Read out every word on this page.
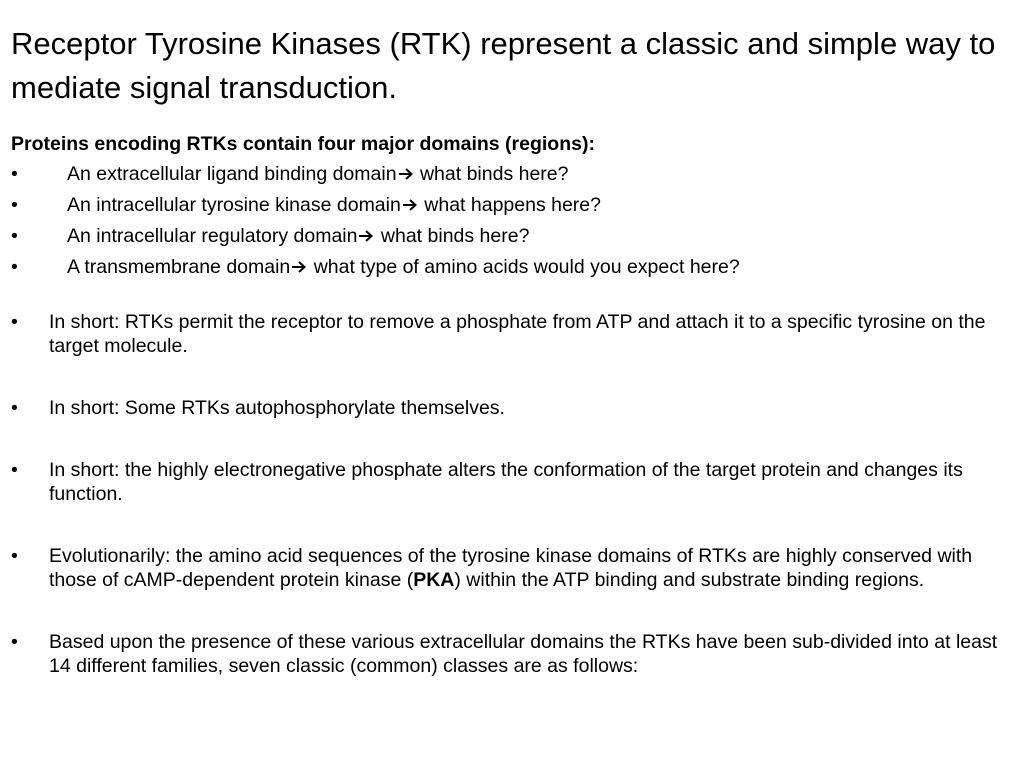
Receptor Tyrosine Kinases (RTK) represent a classic and simple way to mediate signal transduction.

Proteins encoding RTKs contain four major domains (regions):

• An extracellular ligand binding domain what binds here?
• An intracellular tyrosine kinase domain what happens here?
• An intracellular regulatory domain what binds here?
• A transmembrane domain what type of amino acids would you expect here?
• In short: RTKs permit the receptor to remove a phosphate from ATP and attach it to a specific tyrosine on the target molecule.
• In short: Some RTKs autophosphorylate themselves.
• In short: the highly electronegative phosphate alters the conformation of the target protein and changes its function.
• Evolutionarily: the amino acid sequences of the tyrosine kinase domains of RTKs are highly conserved with those of cAMP-dependent protein kinase (PKA) within the ATP binding and substrate binding regions.
• Based upon the presence of these various extracellular domains the RTKs have been sub-divided into at least 14 different families, seven classic (common) classes are as follows:
